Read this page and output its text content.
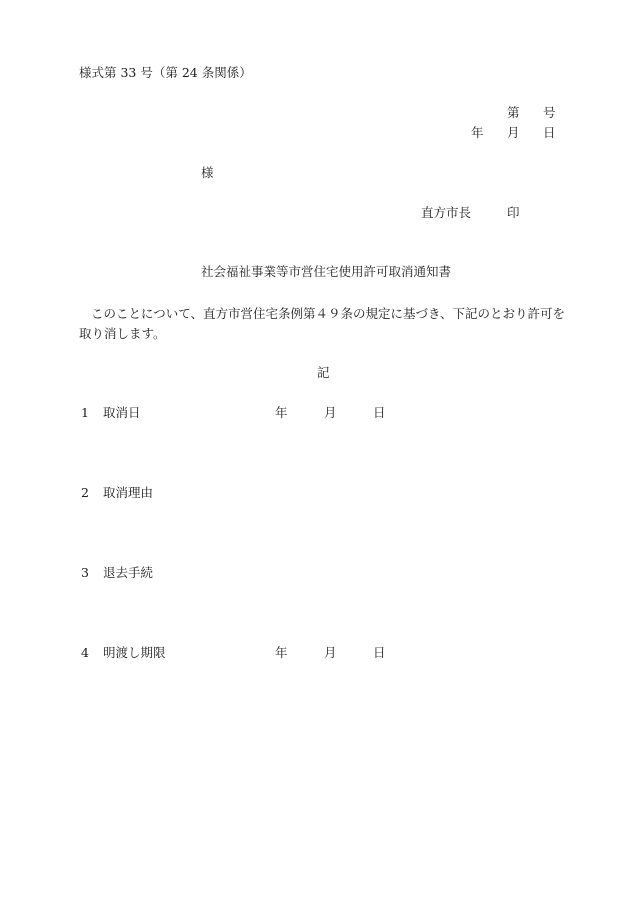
様式第 33 号（第 24 条関係）
第 号
年 月 日
様
直方市長	印
社会福祉事業等市営住宅使用許可取消通知書
このことについて、直方市営住宅条例第４９条の規定に基づき、下記のとおり許可を取り消します。
記
1 取消日	年	月	日
2 取消理由
3 退去手続
4 明渡し期限	年	月	日
